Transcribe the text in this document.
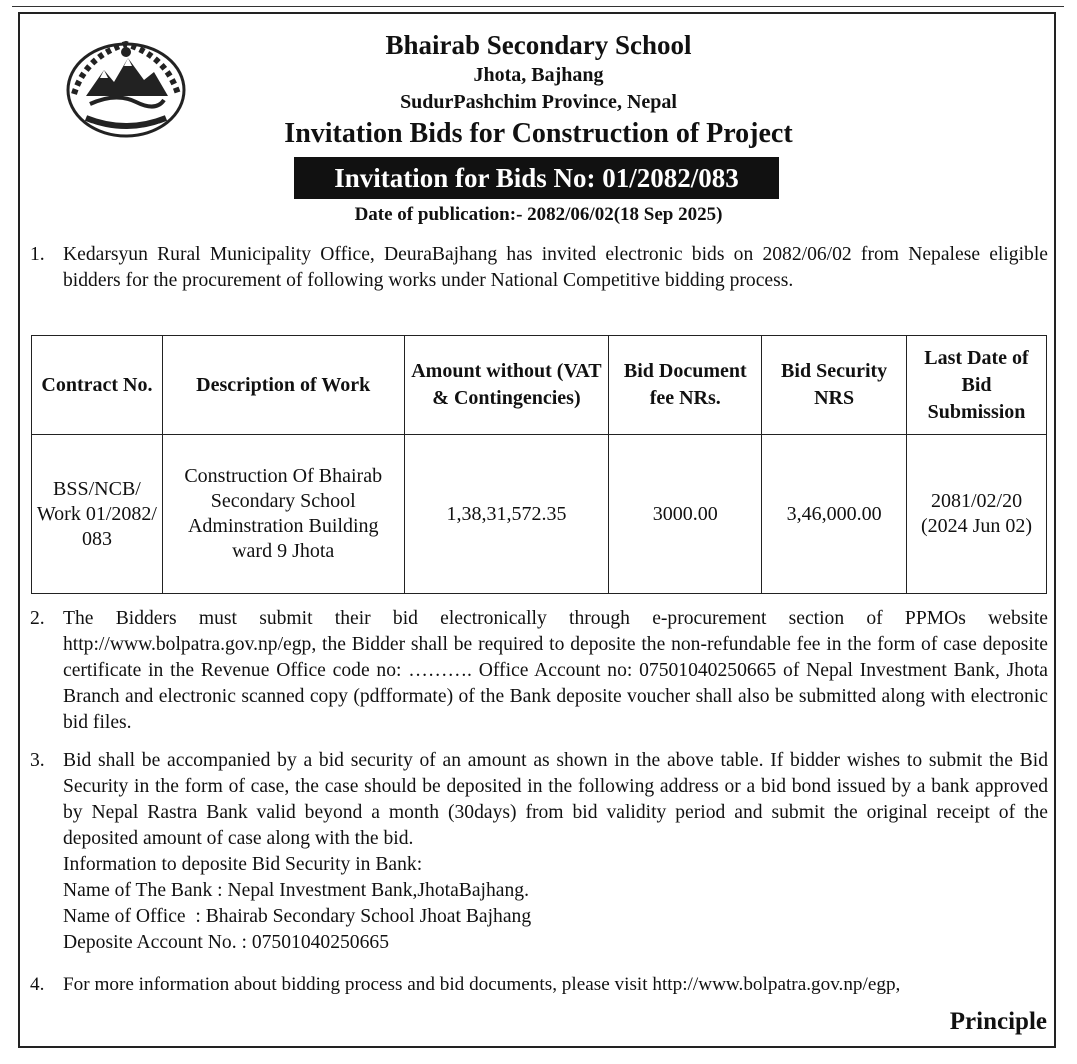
Bhairab Secondary School
Jhota, Bajhang
SudurPashchim Province, Nepal
Invitation Bids for Construction of Project
Invitation for Bids No: 01/2082/083
Date of publication:- 2082/06/02(18 Sep 2025)
1. Kedarsyun Rural Municipality Office, DeuraBajhang has invited electronic bids on 2082/06/02 from Nepalese eligible bidders for the procurement of following works under National Competitive bidding process.
Contract No.	Description of Work	Amount without (VAT & Contingencies)	Bid Document fee NRs.	Bid Security NRS	Last Date of Bid Submission
BSS/NCB/ Work 01/2082/ 083	Construction Of Bhairab Secondary School Adminstration Building ward 9 Jhota	1,38,31,572.35	3000.00	3,46,000.00	2081/02/20 (2024 Jun 02)
2. The Bidders must submit their bid electronically through e-procurement section of PPMOs website http://www.bolpatra.gov.np/egp, the Bidder shall be required to deposite the non-refundable fee in the form of case deposite certificate in the Revenue Office code no: ………. Office Account no: 07501040250665 of Nepal Investment Bank, Jhota Branch and electronic scanned copy (pdfformate) of the Bank deposite voucher shall also be submitted along with electronic bid files.
3. Bid shall be accompanied by a bid security of an amount as shown in the above table. If bidder wishes to submit the Bid Security in the form of case, the case should be deposited in the following address or a bid bond issued by a bank approved by Nepal Rastra Bank valid beyond a month (30days) from bid validity period and submit the original receipt of the deposited amount of case along with the bid.
Information to deposite Bid Security in Bank:
Name of The Bank : Nepal Investment Bank,JhotaBajhang.
Name of Office  : Bhairab Secondary School Jhoat Bajhang
Deposite Account No. : 07501040250665
4. For more information about bidding process and bid documents, please visit http://www.bolpatra.gov.np/egp,
Principle
